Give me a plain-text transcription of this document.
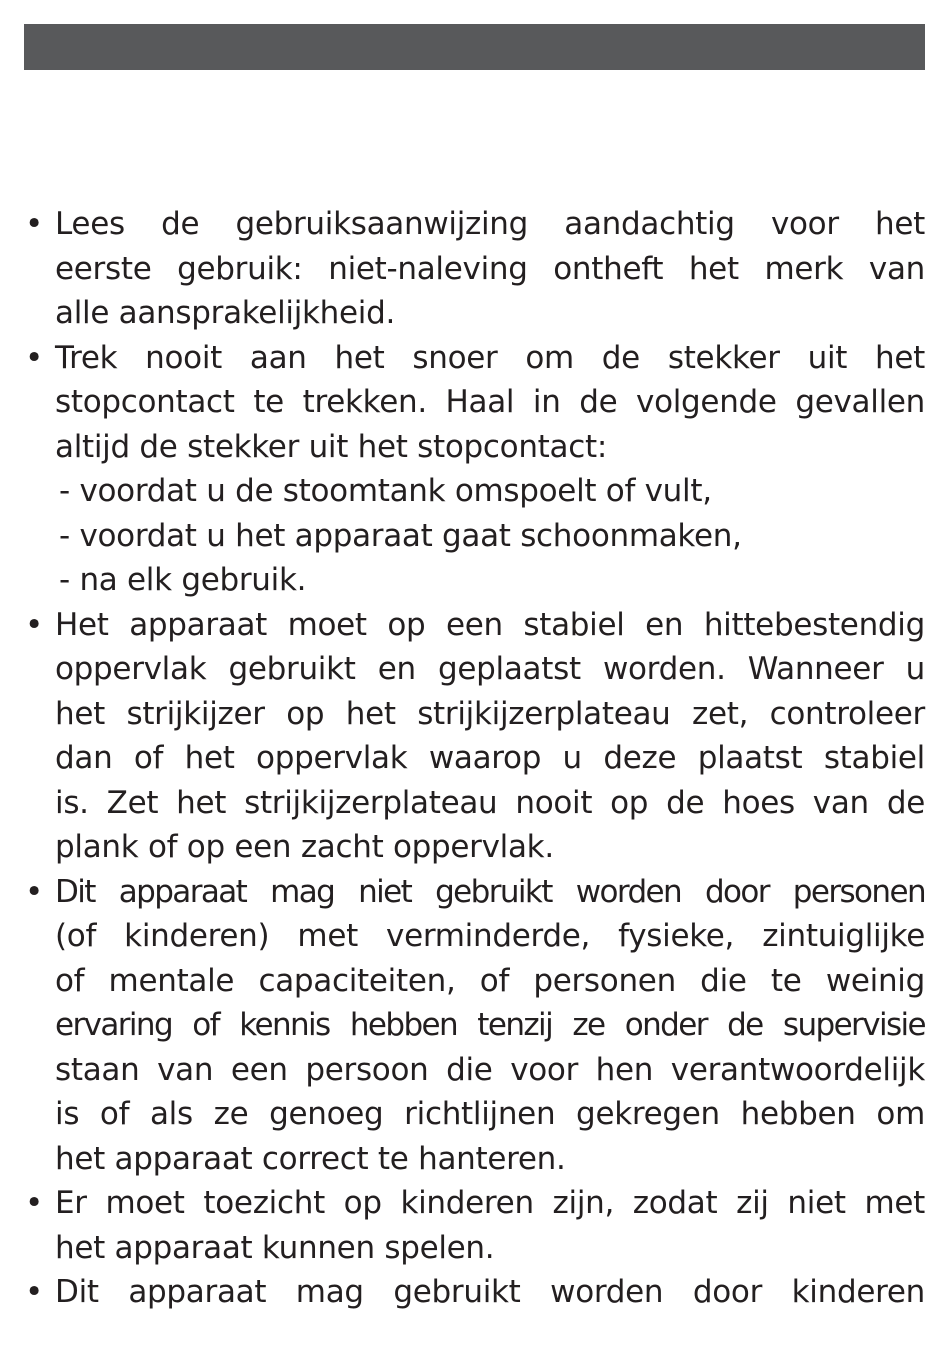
• Lees de gebruiksaanwijzing aandachtig voor het
eerste gebruik: niet-naleving ontheft het merk van
alle aansprakelijkheid.
• Trek nooit aan het snoer om de stekker uit het
stopcontact te trekken. Haal in de volgende gevallen
altijd de stekker uit het stopcontact:
- voordat u de stoomtank omspoelt of vult,
- voordat u het apparaat gaat schoonmaken,
- na elk gebruik.
• Het apparaat moet op een stabiel en hittebestendig
oppervlak gebruikt en geplaatst worden. Wanneer u
het strijkijzer op het strijkijzerplateau zet, controleer
dan of het oppervlak waarop u deze plaatst stabiel
is. Zet het strijkijzerplateau nooit op de hoes van de
plank of op een zacht oppervlak.
• Dit apparaat mag niet gebruikt worden door personen
(of kinderen) met verminderde, fysieke, zintuiglijke
of mentale capaciteiten, of personen die te weinig
ervaring of kennis hebben tenzij ze onder de supervisie
staan van een persoon die voor hen verantwoordelijk
is of als ze genoeg richtlijnen gekregen hebben om
het apparaat correct te hanteren.
• Er moet toezicht op kinderen zijn, zodat zij niet met
het apparaat kunnen spelen.
• Dit apparaat mag gebruikt worden door kinderen
